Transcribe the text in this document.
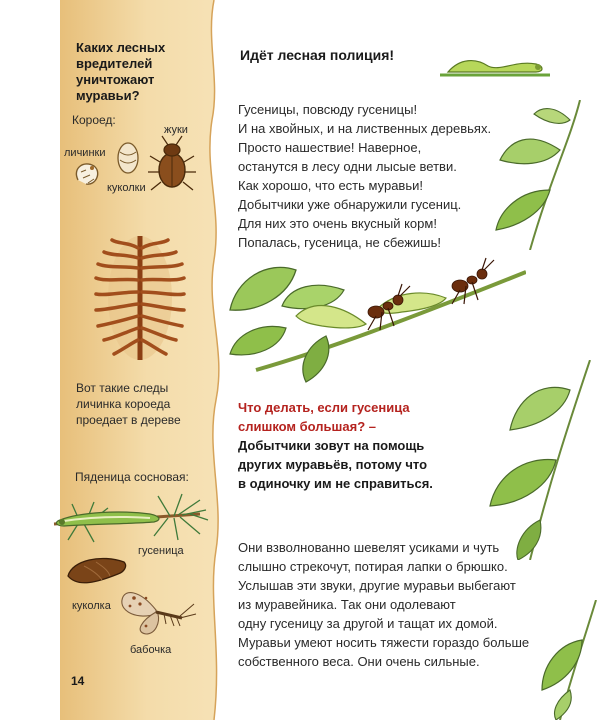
Каких лесных
вредителей
уничтожают
муравьи?
Короед:
жуки
личинки
куколки
Вот такие следы
личинка короеда
проедает в дереве
Пяденица сосновая:
гусеница
куколка
бабочка
14
Идёт лесная полиция!
Гусеницы, повсюду гусеницы!
И на хвойных, и на лиственных деревьях.
Просто нашествие! Наверное,
останутся в лесу одни лысые ветви.
Как хорошо, что есть муравьи!
Добытчики уже обнаружили гусениц.
Для них это очень вкусный корм!
Попалась, гусеница, не сбежишь!
Что делать, если гусеница
слишком большая? –
Добытчики зовут на помощь
других муравьёв, потому что
в одиночку им не справиться.
Они взволнованно шевелят усиками и чуть
слышно стрекочут, потирая лапки о брюшко.
Услышав эти звуки, другие муравьи выбегают
из муравейника. Так они одолевают
одну гусеницу за другой и тащат их домой.
Муравьи умеют носить тяжести гораздо больше
собственного веса. Они очень сильные.
